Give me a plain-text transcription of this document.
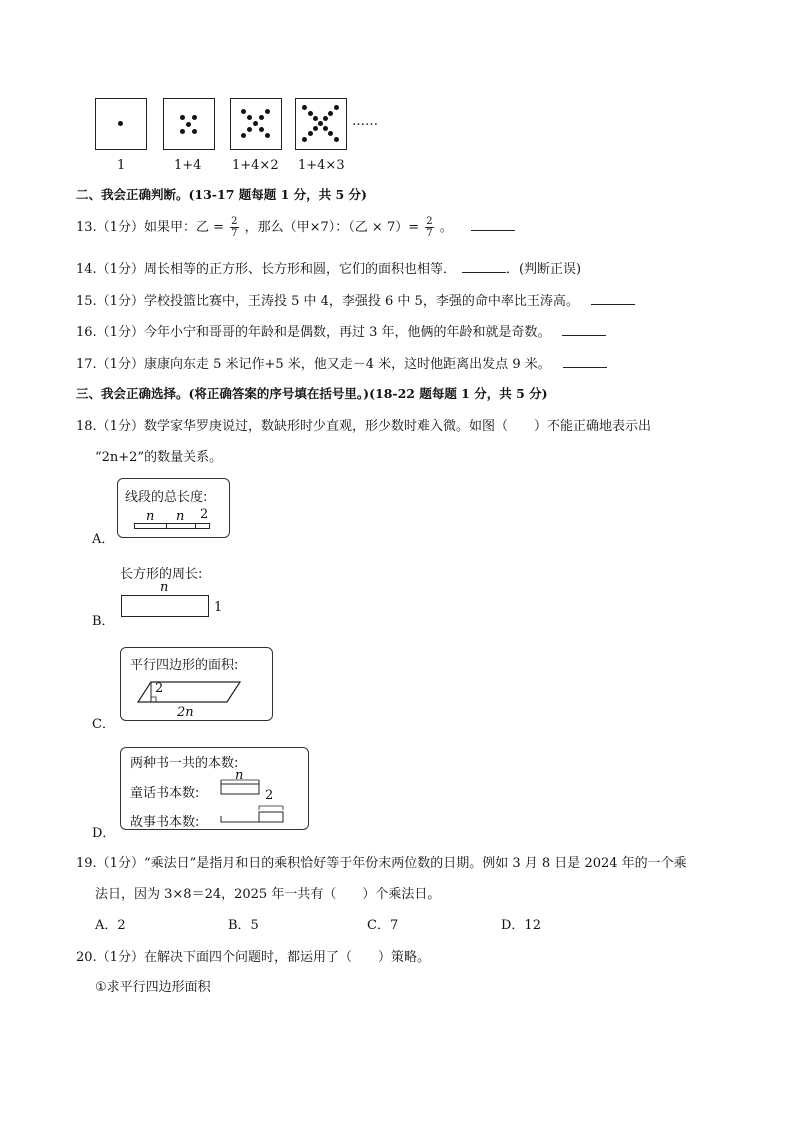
……
1	1+4 1+4×2 1+4×3
二、我会正确判断。(13-17 题每题 1 分，共 5 分)
13.（1分）如果甲：乙 = $\frac{2}{7}$ ，那么（甲×7）：（乙 × $7)= \frac{2}{7}$ 。
14.（1分）周长相等的正方形、长方形和圆，它们的面积也相等．	．(判断正误)
15.（1分）学校投篮比赛中，王涛投 5 中 4，李强投 6 中 5，李强的命中率比王涛高。
16.（1分）今年小宁和哥哥的年龄和是偶数，再过 3 年，他俩的年龄和就是奇数。
17.（1分）康康向东走 5 米记作+5 米，他又走－4 米，这时他距离出发点 9 米。
三、我会正确选择。(将正确答案的序号填在括号里。)(18-22 题每题 1 分，共 5 分)
18.（1分）数学家华罗庚说过，数缺形时少直观，形少数时难入微。如图（　　）不能正确地表示出
“2n+2”的数量关系。
A．
线段的总长度:
n n 2
长方形的周长:
n
1
B．
平行四边形的面积:
2
2n
C．
两种书一共的本数:
n
童话书本数:
故事书本数:
2
D．
19.（1分）“乘法日”是指月和日的乘积恰好等于年份末两位数的日期。例如 3 月 8 日是 2024 年的一个乘
法日，因为 3×8＝24，2025 年一共有（　　）个乘法日。
A．2	B．5	C．7	D．12
20.（1分）在解决下面四个问题时，都运用了（　　）策略。
①求平行四边形面积
